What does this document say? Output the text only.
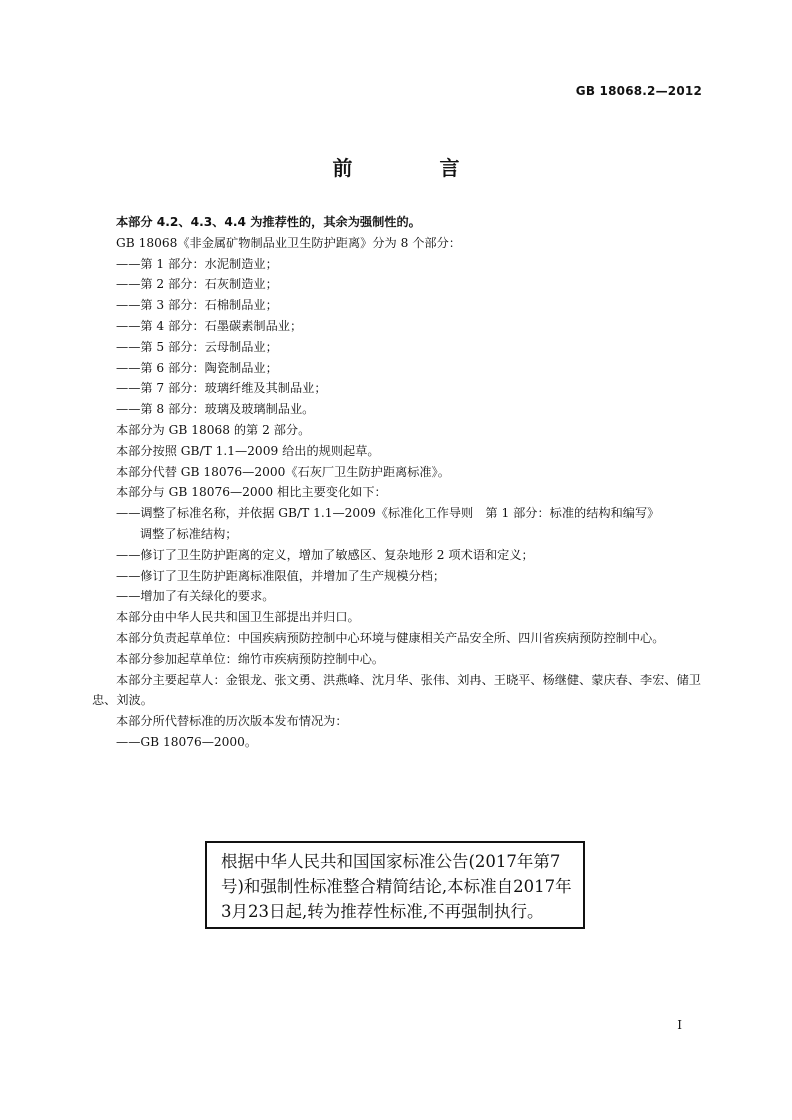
GB 18068.2—2012
前 言

本部分 4.2、4.3、4.4 为推荐性的，其余为强制性的。

GB 18068《非金属矿物制品业卫生防护距离》分为 8 个部分：

——第 1 部分：水泥制造业；

——第 2 部分：石灰制造业；

——第 3 部分：石棉制品业；

——第 4 部分：石墨碳素制品业；

——第 5 部分：云母制品业；

——第 6 部分：陶瓷制品业；

——第 7 部分：玻璃纤维及其制品业；

——第 8 部分：玻璃及玻璃制品业。

本部分为 GB 18068 的第 2 部分。

本部分按照 GB/T 1.1—2009 给出的规则起草。

本部分代替 GB 18076—2000《石灰厂卫生防护距离标准》。

本部分与 GB 18076—2000 相比主要变化如下：

——调整了标准名称，并依据 GB/T 1.1—2009《标准化工作导则　第 1 部分：标准的结构和编写》

调整了标准结构；

——修订了卫生防护距离的定义，增加了敏感区、复杂地形 2 项术语和定义；

——修订了卫生防护距离标准限值，并增加了生产规模分档；

——增加了有关绿化的要求。

本部分由中华人民共和国卫生部提出并归口。

本部分负责起草单位：中国疾病预防控制中心环境与健康相关产品安全所、四川省疾病预防控制中心。

本部分参加起草单位：绵竹市疾病预防控制中心。

本部分主要起草人：金银龙、张文勇、洪燕峰、沈月华、张伟、刘冉、王晓平、杨继健、蒙庆春、李宏、储卫忠、刘波。

本部分所代替标准的历次版本发布情况为：

——GB 18076—2000。

根据中华人民共和国国家标准公告(2017年第7号)和强制性标准整合精简结论,本标准自2017年3月23日起,转为推荐性标准,不再强制执行。
I
